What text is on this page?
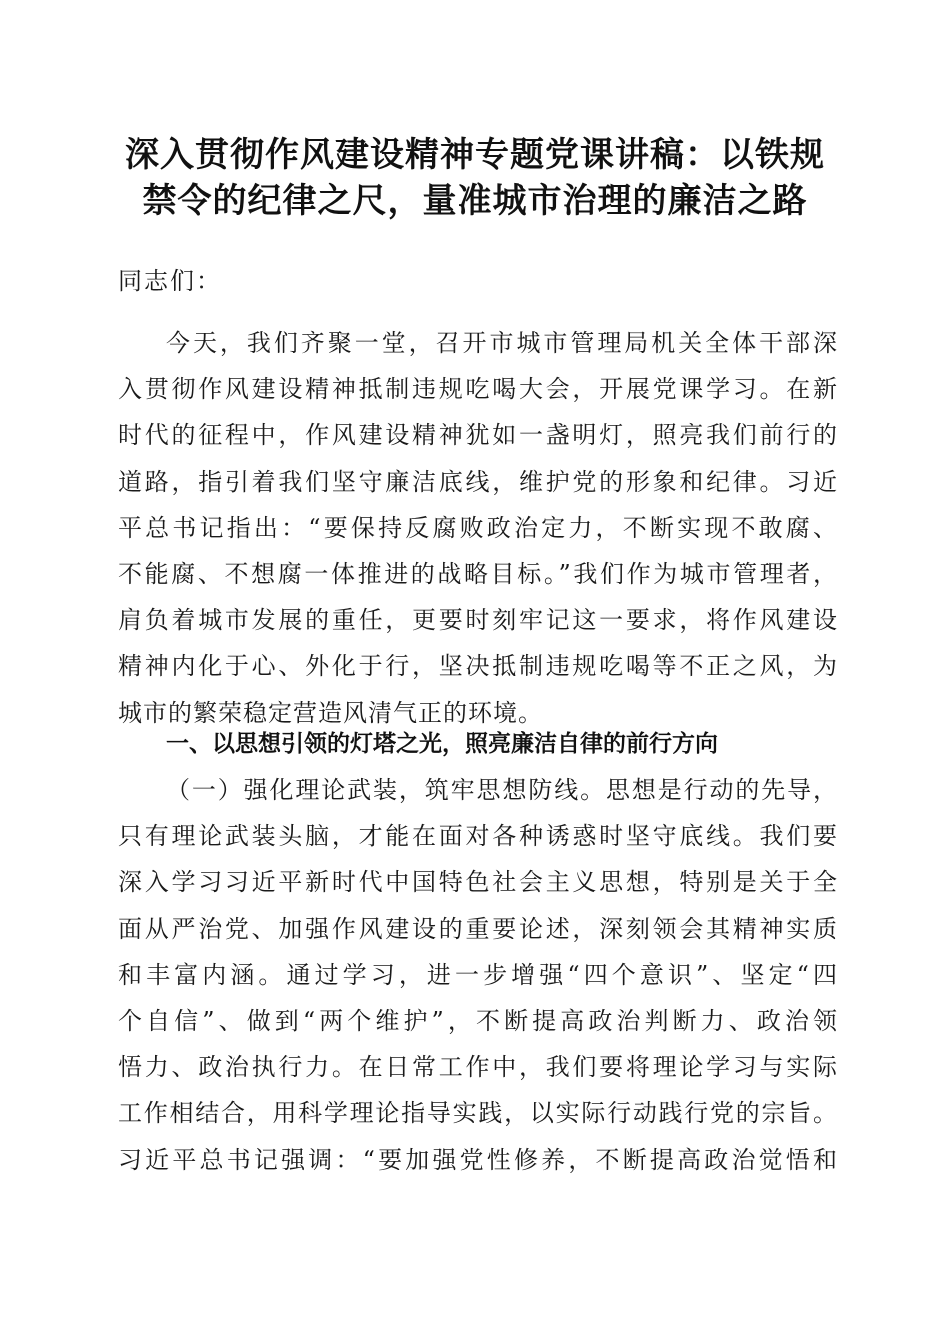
深入贯彻作风建设精神专题党课讲稿：以铁规
禁令的纪律之尺，量准城市治理的廉洁之路
同志们：
今天，我们齐聚一堂，召开市城市管理局机关全体干部深
入贯彻作风建设精神抵制违规吃喝大会，开展党课学习。在新
时代的征程中，作风建设精神犹如一盏明灯，照亮我们前行的
道路，指引着我们坚守廉洁底线，维护党的形象和纪律。习近
平总书记指出：“要保持反腐败政治定力，不断实现不敢腐、
不能腐、不想腐一体推进的战略目标。”我们作为城市管理者，
肩负着城市发展的重任，更要时刻牢记这一要求，将作风建设
精神内化于心、外化于行，坚决抵制违规吃喝等不正之风，为
城市的繁荣稳定营造风清气正的环境。
一、以思想引领的灯塔之光，照亮廉洁自律的前行方向
（一）强化理论武装，筑牢思想防线。思想是行动的先导，
只有理论武装头脑，才能在面对各种诱惑时坚守底线。我们要
深入学习习近平新时代中国特色社会主义思想，特别是关于全
面从严治党、加强作风建设的重要论述，深刻领会其精神实质
和丰富内涵。通过学习，进一步增强“四个意识”、坚定“四
个自信”、做到“两个维护”，不断提高政治判断力、政治领
悟力、政治执行力。在日常工作中，我们要将理论学习与实际
工作相结合，用科学理论指导实践，以实际行动践行党的宗旨。
习近平总书记强调：“要加强党性修养，不断提高政治觉悟和
